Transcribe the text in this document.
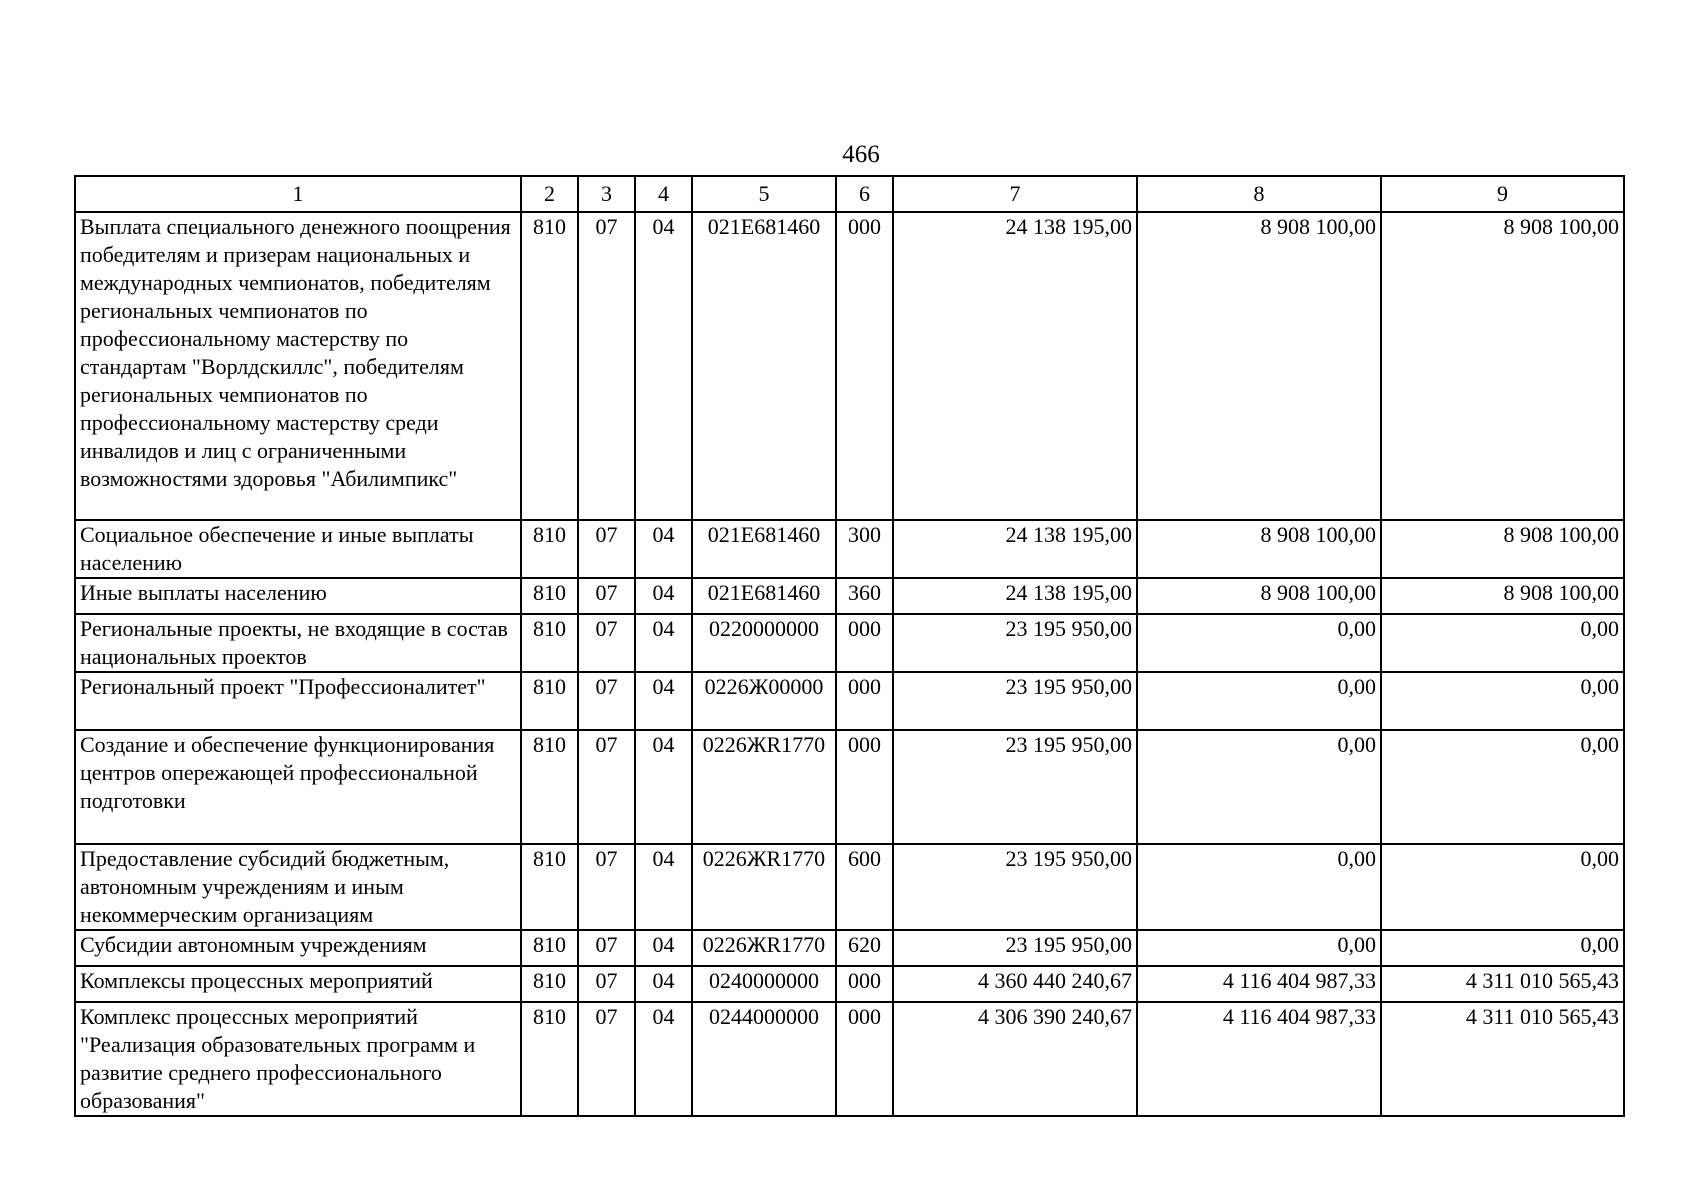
466
1	2	3	4	5	6	7	8	9
Выплата специального денежного поощрения победителям и призерам национальных и международных чемпионатов, победителям региональных чемпионатов по профессиональному мастерству по стандартам "Ворлдскиллс", победителям региональных чемпионатов по профессиональному мастерству среди инвалидов и лиц с ограниченными возможностями здоровья "Абилимпикс"	810	07	04	021E681460	000	24 138 195,00	8 908 100,00	8 908 100,00
Социальное обеспечение и иные выплаты населению	810	07	04	021E681460	300	24 138 195,00	8 908 100,00	8 908 100,00
Иные выплаты населению	810	07	04	021E681460	360	24 138 195,00	8 908 100,00	8 908 100,00
Региональные проекты, не входящие в состав национальных проектов	810	07	04	0220000000	000	23 195 950,00	0,00	0,00
Региональный проект "Профессионалитет"	810	07	04	0226Ж00000	000	23 195 950,00	0,00	0,00
Создание и обеспечение функционирования центров опережающей профессиональной подготовки	810	07	04	0226ЖR1770	000	23 195 950,00	0,00	0,00
Предоставление субсидий бюджетным, автономным учреждениям и иным некоммерческим организациям	810	07	04	0226ЖR1770	600	23 195 950,00	0,00	0,00
Субсидии автономным учреждениям	810	07	04	0226ЖR1770	620	23 195 950,00	0,00	0,00
Комплексы процессных мероприятий	810	07	04	0240000000	000	4 360 440 240,67	4 116 404 987,33	4 311 010 565,43
Комплекс процессных мероприятий "Реализация образовательных программ и развитие среднего профессионального образования"	810	07	04	0244000000	000	4 306 390 240,67	4 116 404 987,33	4 311 010 565,43
